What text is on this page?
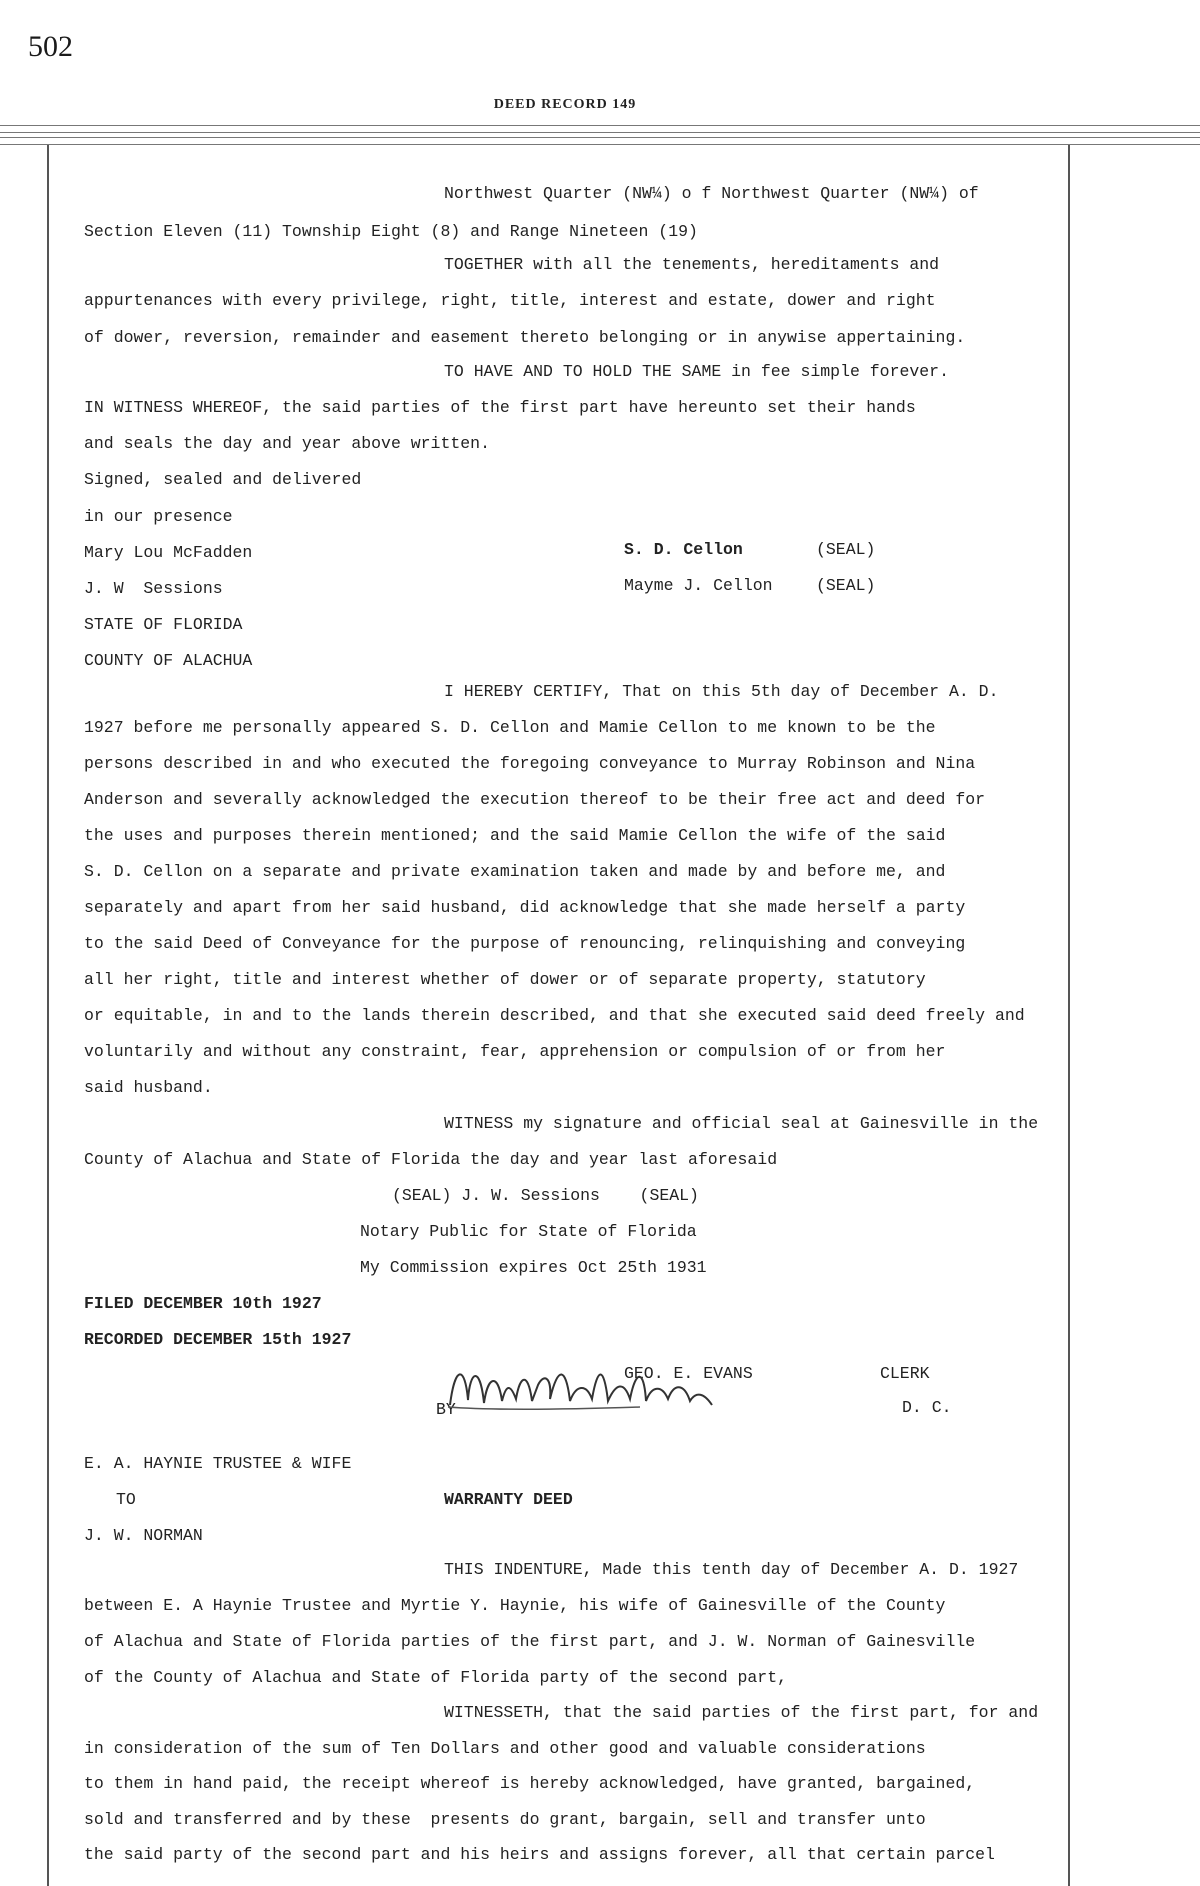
502
DEED RECORD 149
Northwest Quarter (NW¼) o f Northwest Quarter (NW¼) of
Section Eleven (11) Township Eight (8) and Range Nineteen (19)
TOGETHER with all the tenements, hereditaments and
appurtenances with every privilege, right, title, interest and estate, dower and right
of dower, reversion, remainder and easement thereto belonging or in anywise appertaining.
TO HAVE AND TO HOLD THE SAME in fee simple forever.
IN WITNESS WHEREOF, the said parties of the first part have hereunto set their hands
and seals the day and year above written.
Signed, sealed and delivered
in our presence
Mary Lou McFadden	S. D. Cellon	(SEAL)
J. W  Sessions	Mayme J. Cellon	(SEAL)
STATE OF FLORIDA
COUNTY OF ALACHUA
I HEREBY CERTIFY, That on this 5th day of December A. D.
1927 before me personally appeared S. D. Cellon and Mamie Cellon to me known to be the
persons described in and who executed the foregoing conveyance to Murray Robinson and Nina
Anderson and severally acknowledged the execution thereof to be their free act and deed for
the uses and purposes therein mentioned; and the said Mamie Cellon the wife of the said
S. D. Cellon on a separate and private examination taken and made by and before me, and
separately and apart from her said husband, did acknowledge that she made herself a party
to the said Deed of Conveyance for the purpose of renouncing, relinquishing and conveying
all her right, title and interest whether of dower or of separate property, statutory
or equitable, in and to the lands therein described, and that she executed said deed freely and
voluntarily and without any constraint, fear, apprehension or compulsion of or from her
said husband.
WITNESS my signature and official seal at Gainesville in the
County of Alachua and State of Florida the day and year last aforesaid
(SEAL) J. W. Sessions    (SEAL)
Notary Public for State of Florida
My Commission expires Oct 25th 1931
FILED DECEMBER 10th 1927
RECORDED DECEMBER 15th 1927
GEO. E. EVANS	CLERK
BY	D. C.
E. A. HAYNIE TRUSTEE & WIFE
TO	WARRANTY DEED
J. W. NORMAN
THIS INDENTURE, Made this tenth day of December A. D. 1927
between E. A Haynie Trustee and Myrtie Y. Haynie, his wife of Gainesville of the County
of Alachua and State of Florida parties of the first part, and J. W. Norman of Gainesville
of the County of Alachua and State of Florida party of the second part,
WITNESSETH, that the said parties of the first part, for and
in consideration of the sum of Ten Dollars and other good and valuable considerations
to them in hand paid, the receipt whereof is hereby acknowledged, have granted, bargained,
sold and transferred and by these  presents do grant, bargain, sell and transfer unto
the said party of the second part and his heirs and assigns forever, all that certain parcel
